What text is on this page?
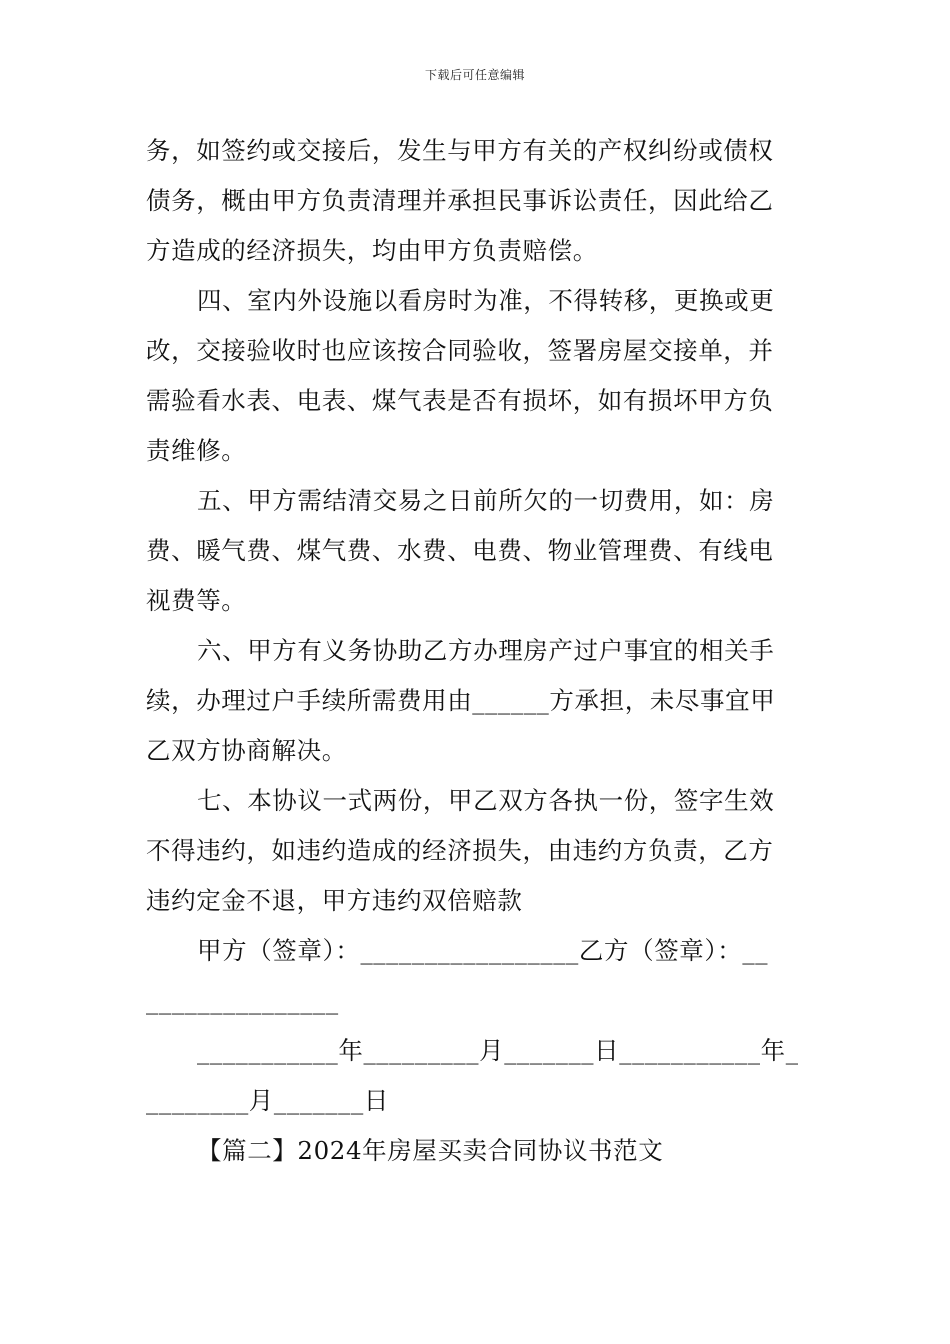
下载后可任意编辑
务，如签约或交接后，发生与甲方有关的产权纠纷或债权
债务，概由甲方负责清理并承担民事诉讼责任，因此给乙
方造成的经济损失，均由甲方负责赔偿。
四、室内外设施以看房时为准，不得转移，更换或更
改，交接验收时也应该按合同验收，签署房屋交接单，并
需验看水表、电表、煤气表是否有损坏，如有损坏甲方负
责维修。
五、甲方需结清交易之日前所欠的一切费用，如：房
费、暖气费、煤气费、水费、电费、物业管理费、有线电
视费等。
六、甲方有义务协助乙方办理房产过户事宜的相关手
续，办理过户手续所需费用由______方承担，未尽事宜甲
乙双方协商解决。
七、本协议一式两份，甲乙双方各执一份，签字生效
不得违约，如违约造成的经济损失，由违约方负责，乙方
违约定金不退，甲方违约双倍赔款
甲方（签章）：_________________乙方（签章）：__
_______________
___________年_________月_______日___________年_
________月_______日
【篇二】2024年房屋买卖合同协议书范文
